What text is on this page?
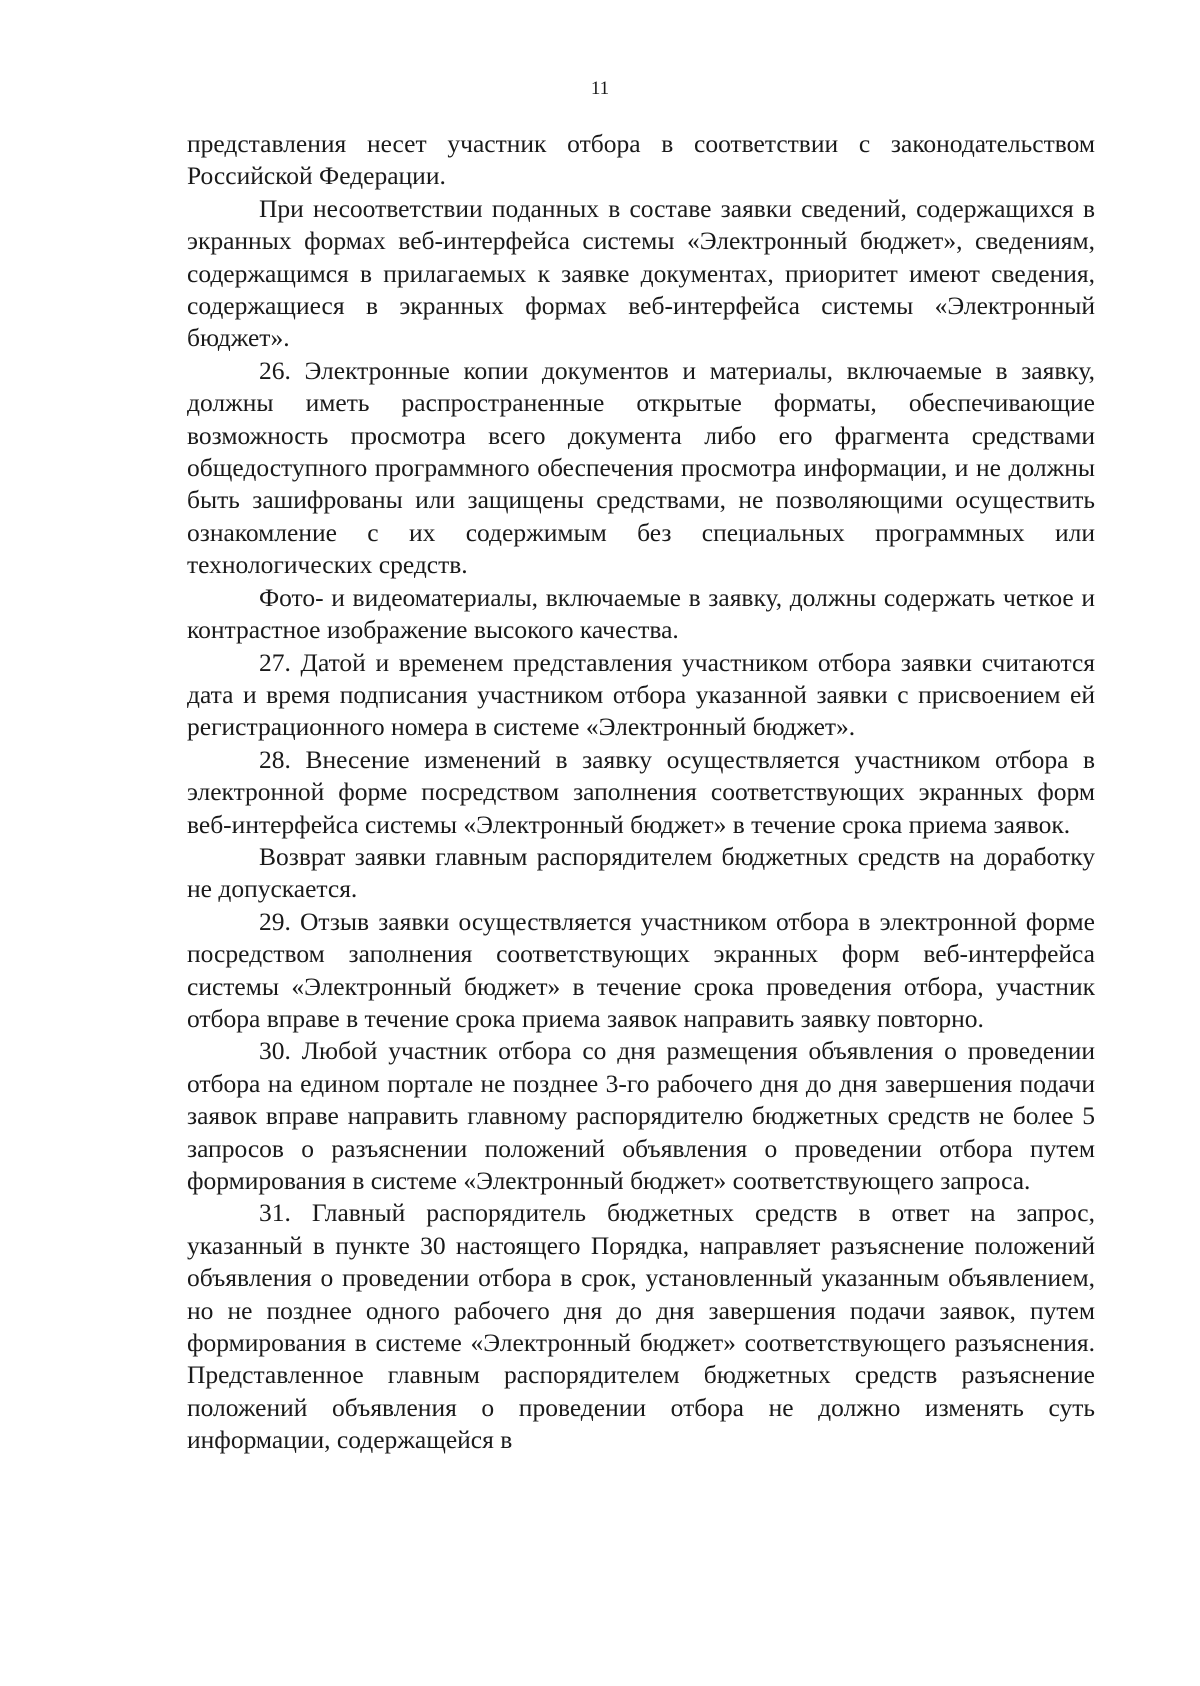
11

представления несет участник отбора в соответствии с законодательством Российской Федерации.

При несоответствии поданных в составе заявки сведений, содержащихся в экранных формах веб-интерфейса системы «Электронный бюджет», сведениям, содержащимся в прилагаемых к заявке документах, приоритет имеют сведения, содержащиеся в экранных формах веб-интерфейса системы «Электронный бюджет».

26. Электронные копии документов и материалы, включаемые в заявку, должны иметь распространенные открытые форматы, обеспечивающие возможность просмотра всего документа либо его фрагмента средствами общедоступного программного обеспечения просмотра информации, и не должны быть зашифрованы или защищены средствами, не позволяющими осуществить ознакомление с их содержимым без специальных программных или технологических средств.

Фото- и видеоматериалы, включаемые в заявку, должны содержать четкое и контрастное изображение высокого качества.

27. Датой и временем представления участником отбора заявки считаются дата и время подписания участником отбора указанной заявки с присвоением ей регистрационного номера в системе «Электронный бюджет».

28. Внесение изменений в заявку осуществляется участником отбора в электронной форме посредством заполнения соответствующих экранных форм веб-интерфейса системы «Электронный бюджет» в течение срока приема заявок.

Возврат заявки главным распорядителем бюджетных средств на доработку не допускается.

29. Отзыв заявки осуществляется участником отбора в электронной форме посредством заполнения соответствующих экранных форм веб-интерфейса системы «Электронный бюджет» в течение срока проведения отбора, участник отбора вправе в течение срока приема заявок направить заявку повторно.

30. Любой участник отбора со дня размещения объявления о проведении отбора на едином портале не позднее 3-го рабочего дня до дня завершения подачи заявок вправе направить главному распорядителю бюджетных средств не более 5 запросов о разъяснении положений объявления о проведении отбора путем формирования в системе «Электронный бюджет» соответствующего запроса.

31. Главный распорядитель бюджетных средств в ответ на запрос, указанный в пункте 30 настоящего Порядка, направляет разъяснение положений объявления о проведении отбора в срок, установленный указанным объявлением, но не позднее одного рабочего дня до дня завершения подачи заявок, путем формирования в системе «Электронный бюджет» соответствующего разъяснения. Представленное главным распорядителем бюджетных средств разъяснение положений объявления о проведении отбора не должно изменять суть информации, содержащейся в
